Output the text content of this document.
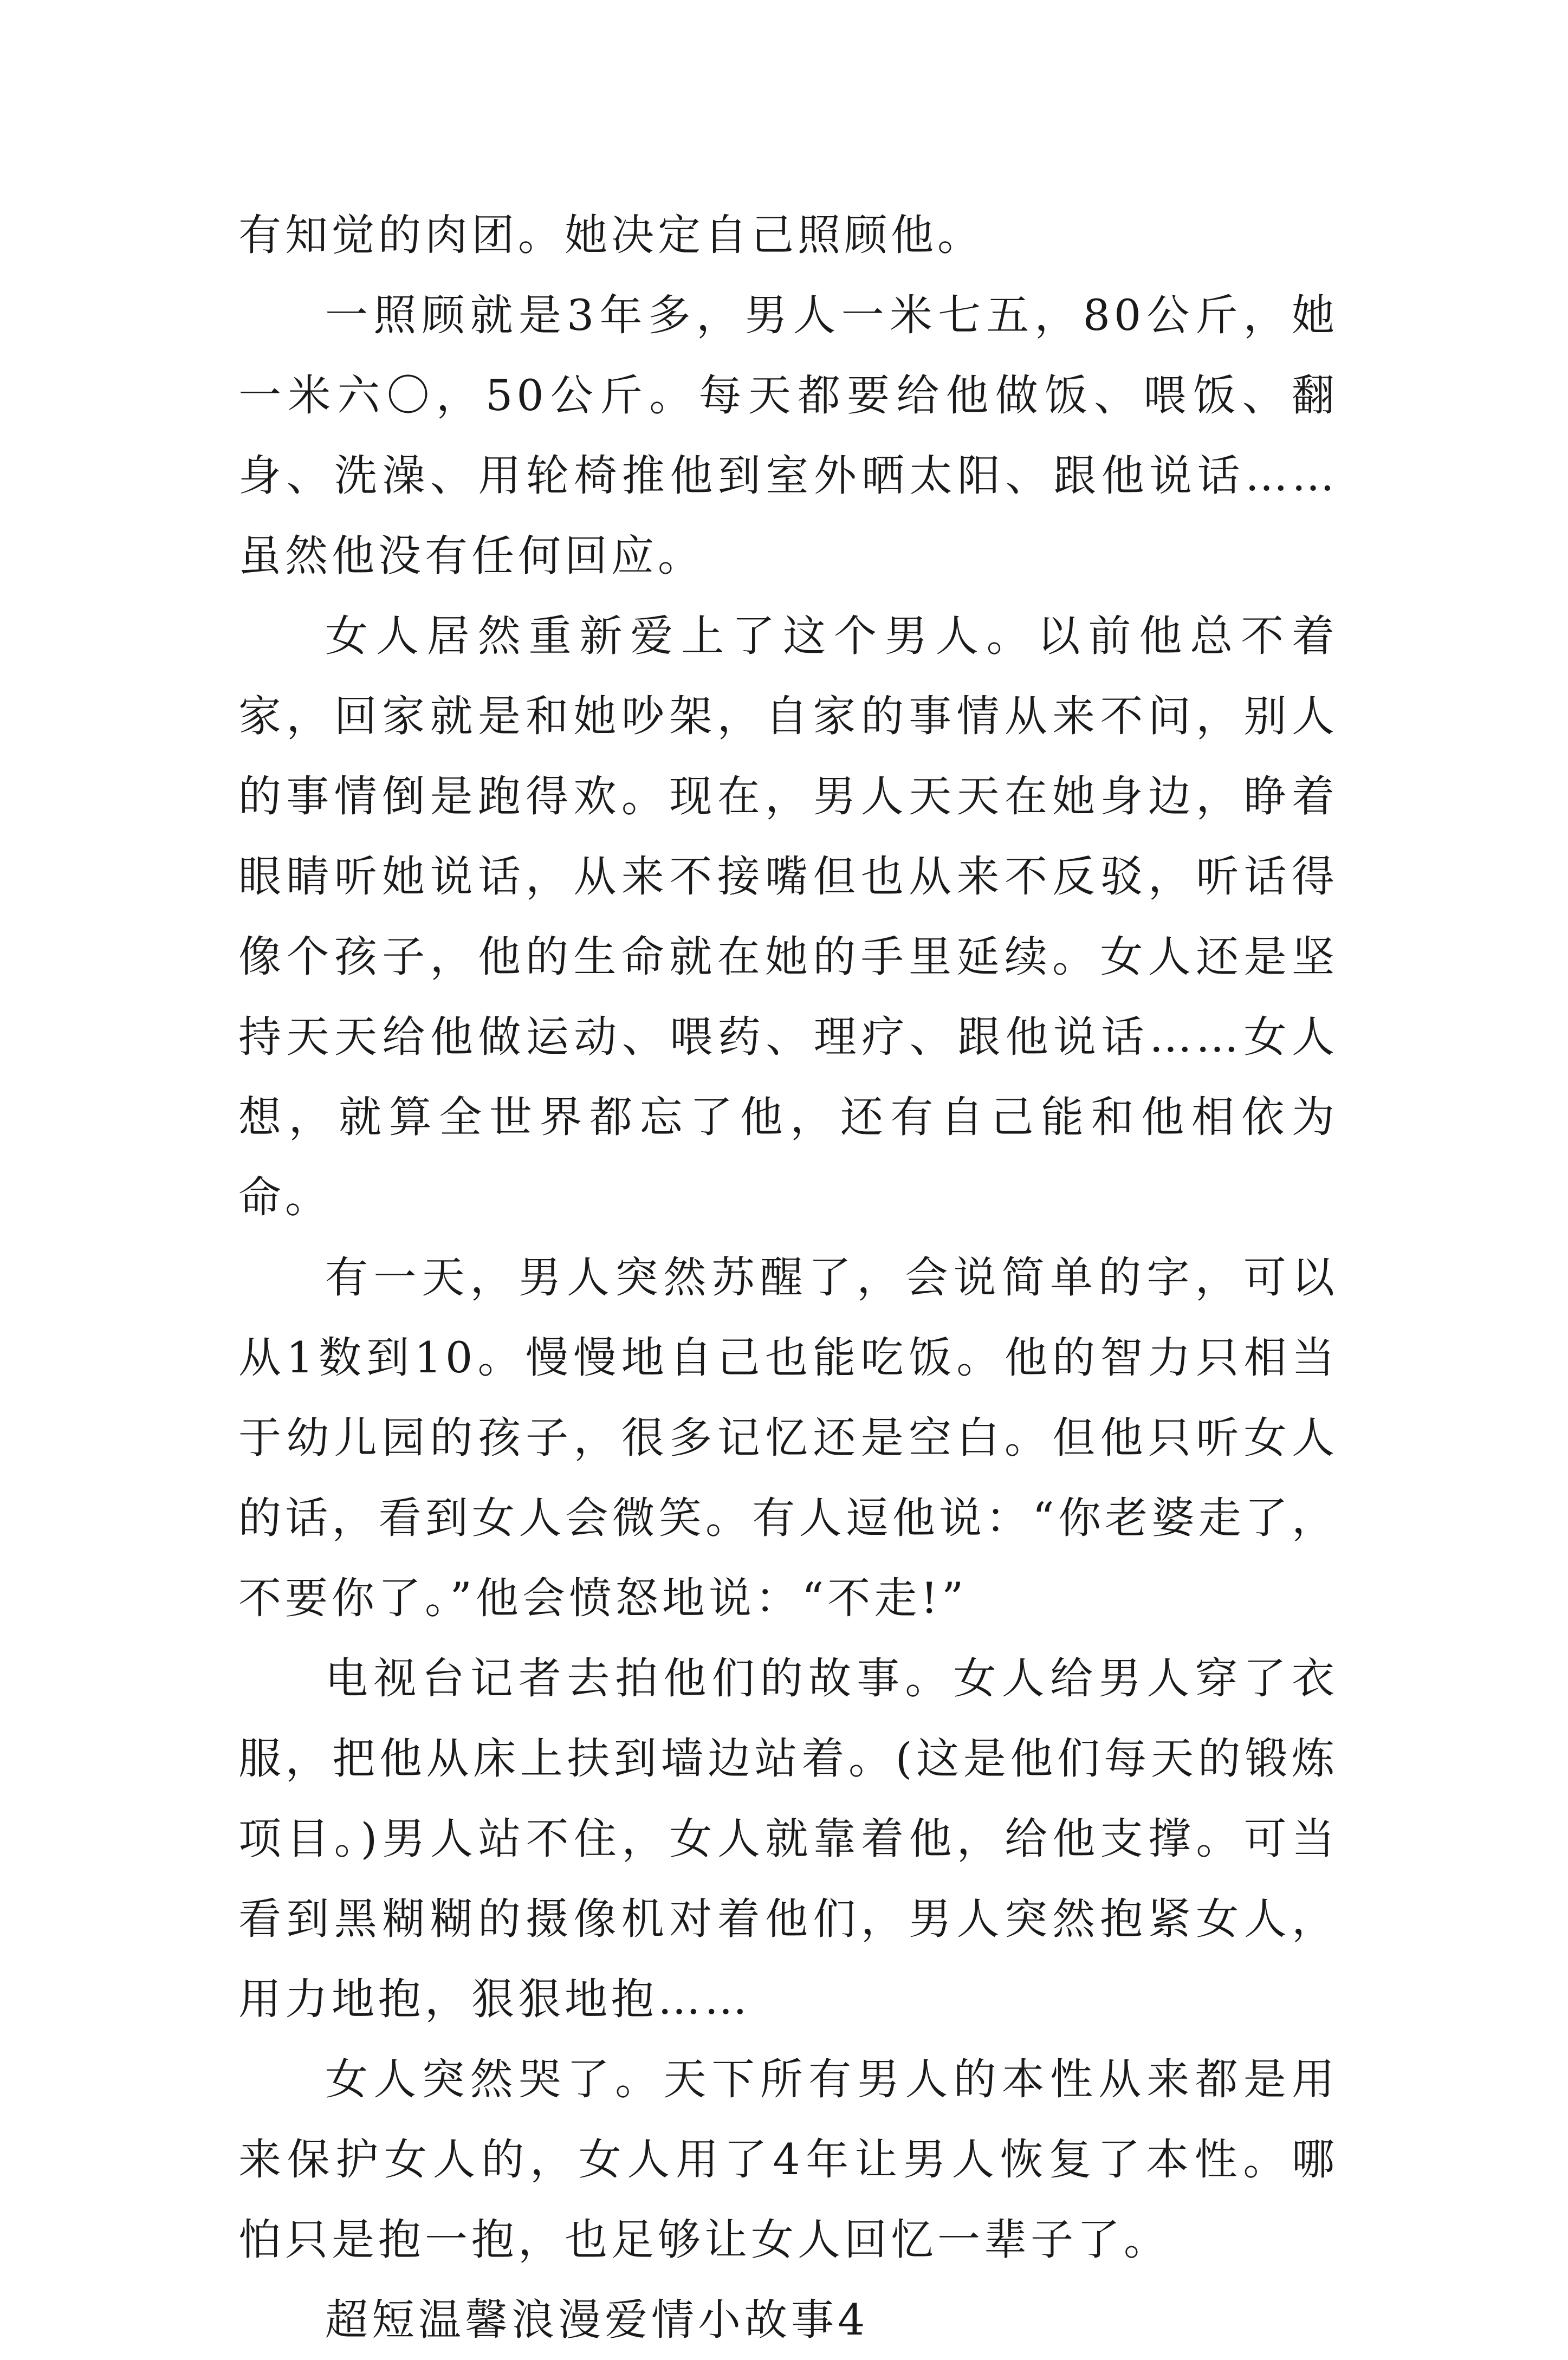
有知觉的肉团。她决定自己照顾他。

一照顾就是3年多，男人一米七五，80公斤，她一米六〇，50公斤。每天都要给他做饭、喂饭、翻身、洗澡、用轮椅推他到室外晒太阳、跟他说话……虽然他没有任何回应。

女人居然重新爱上了这个男人。以前他总不着家，回家就是和她吵架，自家的事情从来不问，别人的事情倒是跑得欢。现在，男人天天在她身边，睁着眼睛听她说话，从来不接嘴但也从来不反驳，听话得像个孩子，他的生命就在她的手里延续。女人还是坚持天天给他做运动、喂药、理疗、跟他说话……女人想，就算全世界都忘了他，还有自己能和他相依为命。

有一天，男人突然苏醒了，会说简单的字，可以从1数到10。慢慢地自己也能吃饭。他的智力只相当于幼儿园的孩子，很多记忆还是空白。但他只听女人的话，看到女人会微笑。有人逗他说：“你老婆走了，不要你了。”他会愤怒地说：“不走!”

电视台记者去拍他们的故事。女人给男人穿了衣服，把他从床上扶到墙边站着。(这是他们每天的锻炼项目。)男人站不住，女人就靠着他，给他支撑。可当看到黑糊糊的摄像机对着他们，男人突然抱紧女人，用力地抱，狠狠地抱……

女人突然哭了。天下所有男人的本性从来都是用来保护女人的，女人用了4年让男人恢复了本性。哪怕只是抱一抱，也足够让女人回忆一辈子了。

超短温馨浪漫爱情小故事4
